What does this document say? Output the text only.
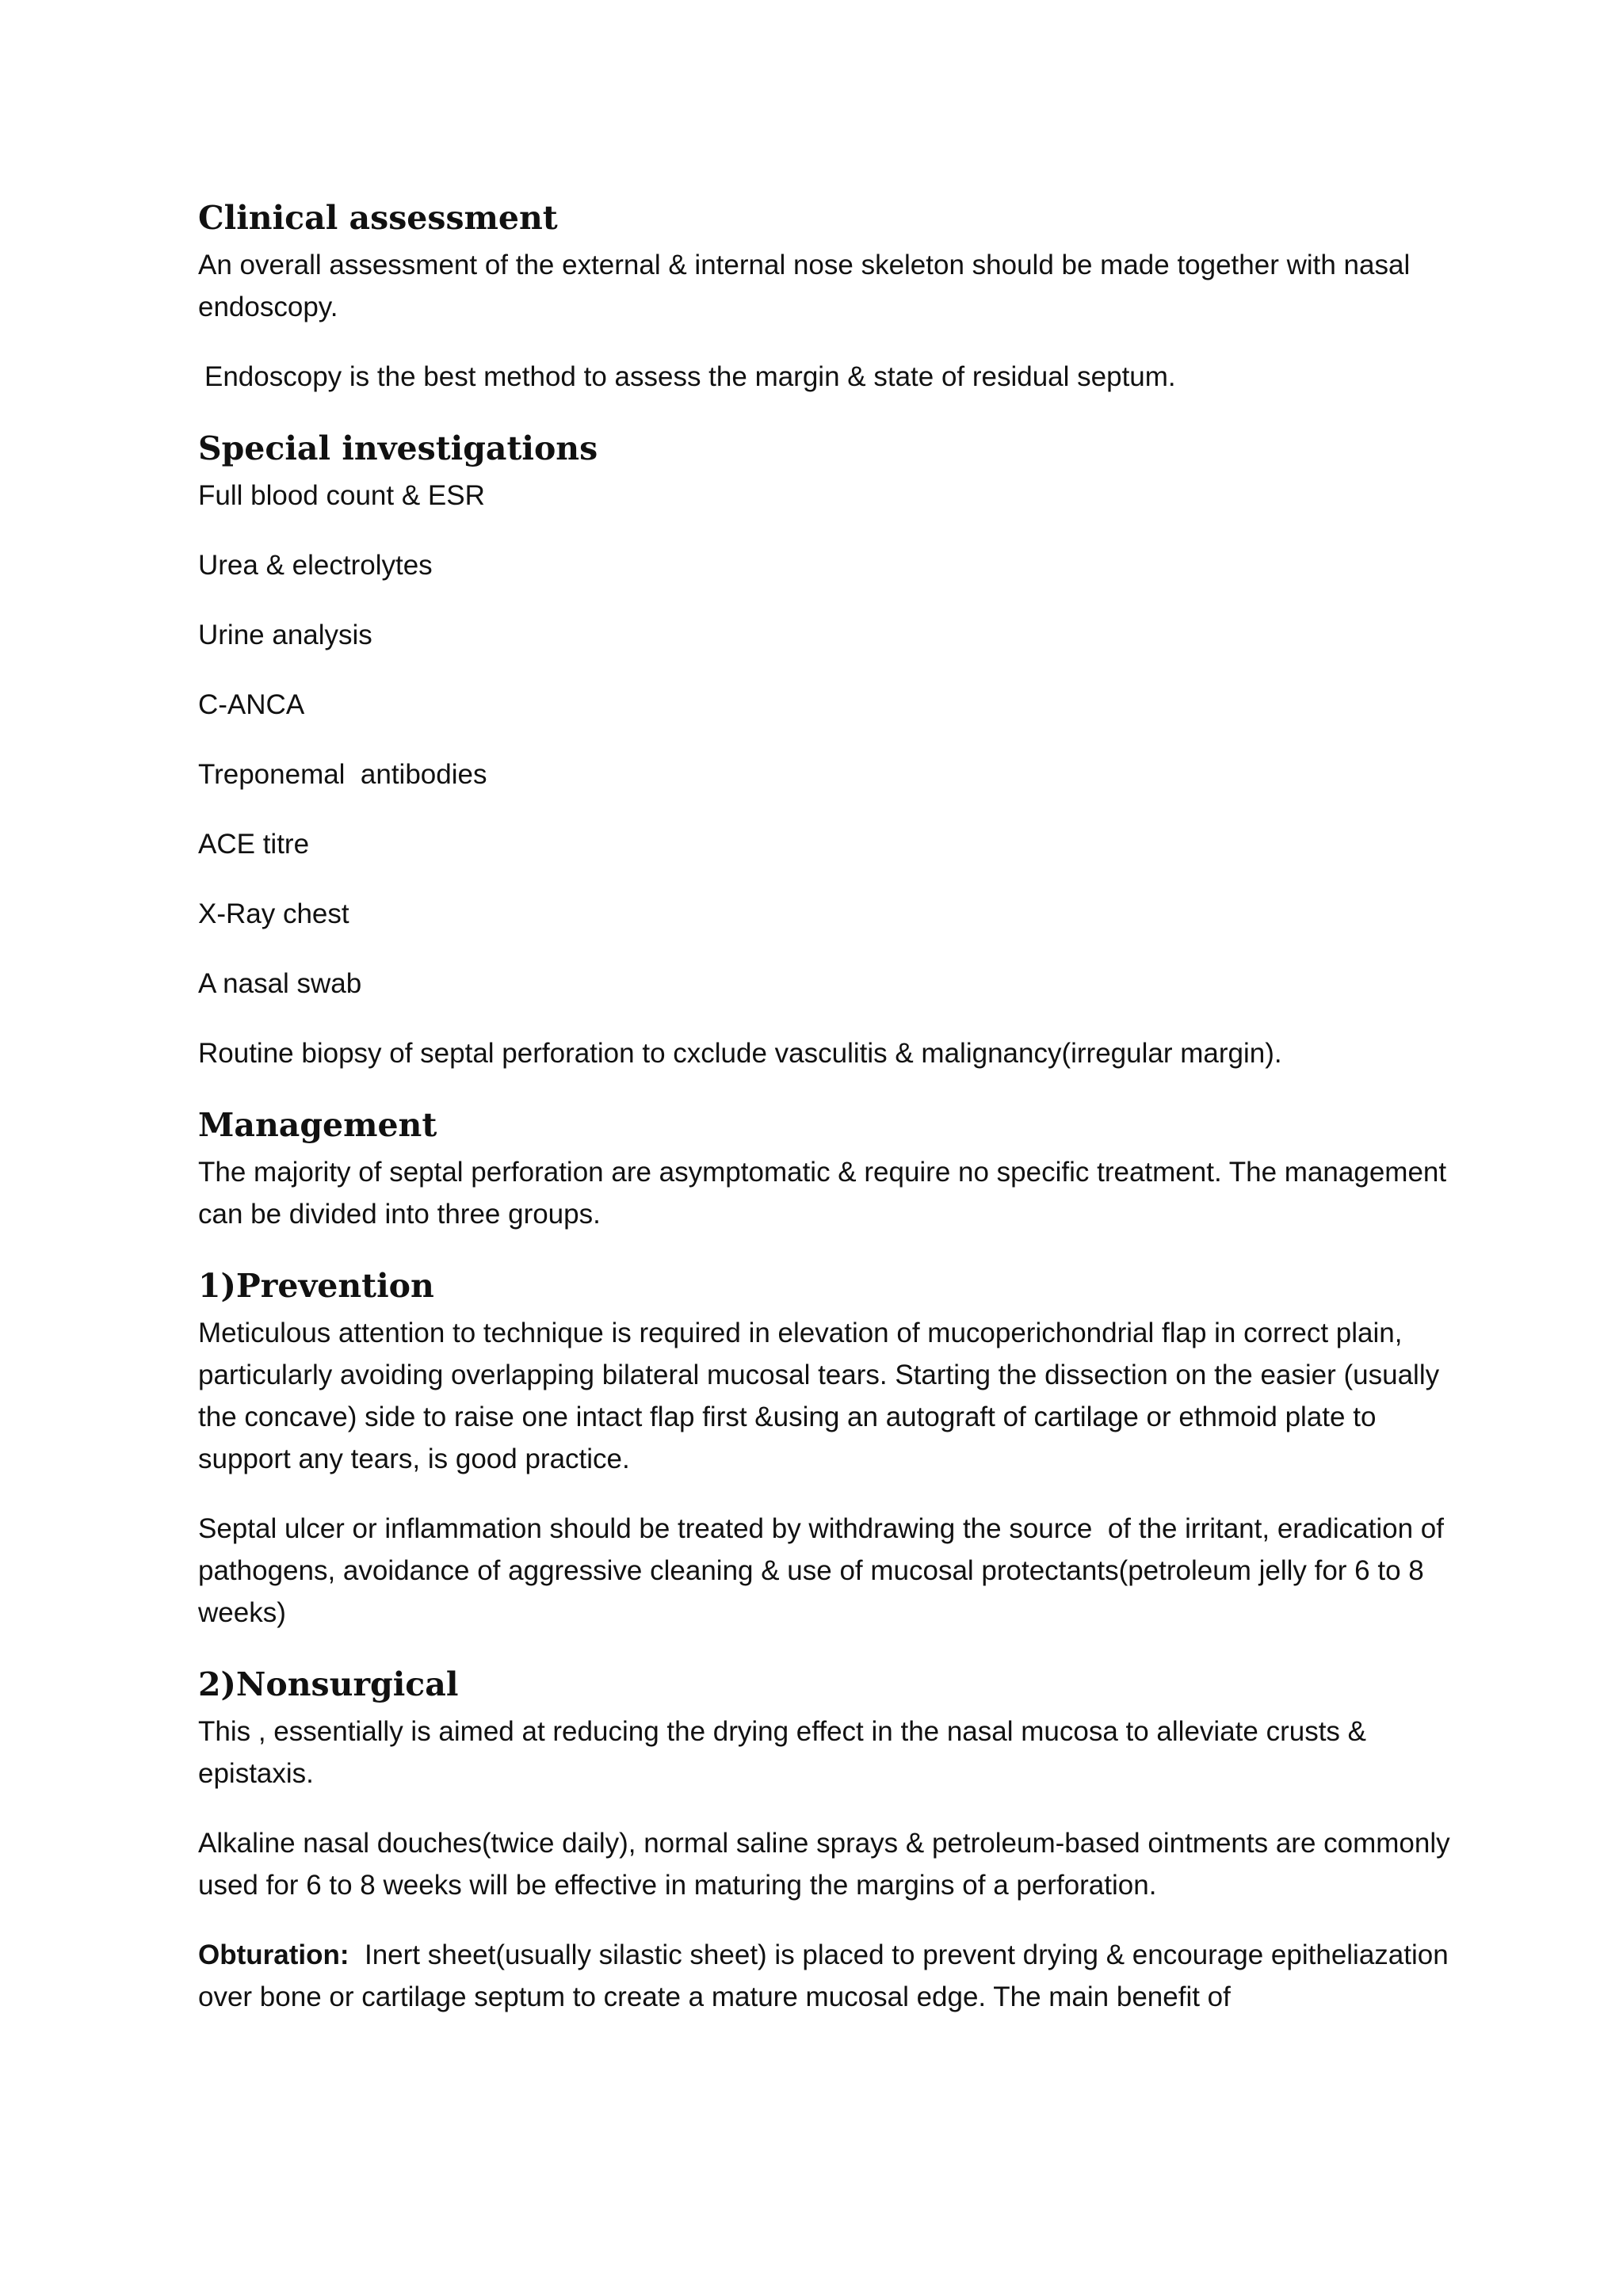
Clinical assessment

An overall assessment of the external & internal nose skeleton should be made together with nasal endoscopy.

Endoscopy is the best method to assess the margin & state of residual septum.

Special investigations

Full blood count & ESR

Urea & electrolytes

Urine analysis

C-ANCA

Treponemal  antibodies

ACE titre

X-Ray chest

A nasal swab

Routine biopsy of septal perforation to cxclude vasculitis & malignancy(irregular margin).

Management

The majority of septal perforation are asymptomatic & require no specific treatment. The management can be divided into three groups.

1)Prevention

Meticulous attention to technique is required in elevation of mucoperichondrial flap in correct plain, particularly avoiding overlapping bilateral mucosal tears. Starting the dissection on the easier (usually the concave) side to raise one intact flap first &using an autograft of cartilage or ethmoid plate to support any tears, is good practice.

Septal ulcer or inflammation should be treated by withdrawing the source  of the irritant, eradication of pathogens, avoidance of aggressive cleaning & use of mucosal protectants(petroleum jelly for 6 to 8 weeks)

2)Nonsurgical

This , essentially is aimed at reducing the drying effect in the nasal mucosa to alleviate crusts & epistaxis.

Alkaline nasal douches(twice daily), normal saline sprays & petroleum-based ointments are commonly used for 6 to 8 weeks will be effective in maturing the margins of a perforation.

Obturation:  Inert sheet(usually silastic sheet) is placed to prevent drying & encourage epitheliazation over bone or cartilage septum to create a mature mucosal edge. The main benefit of
